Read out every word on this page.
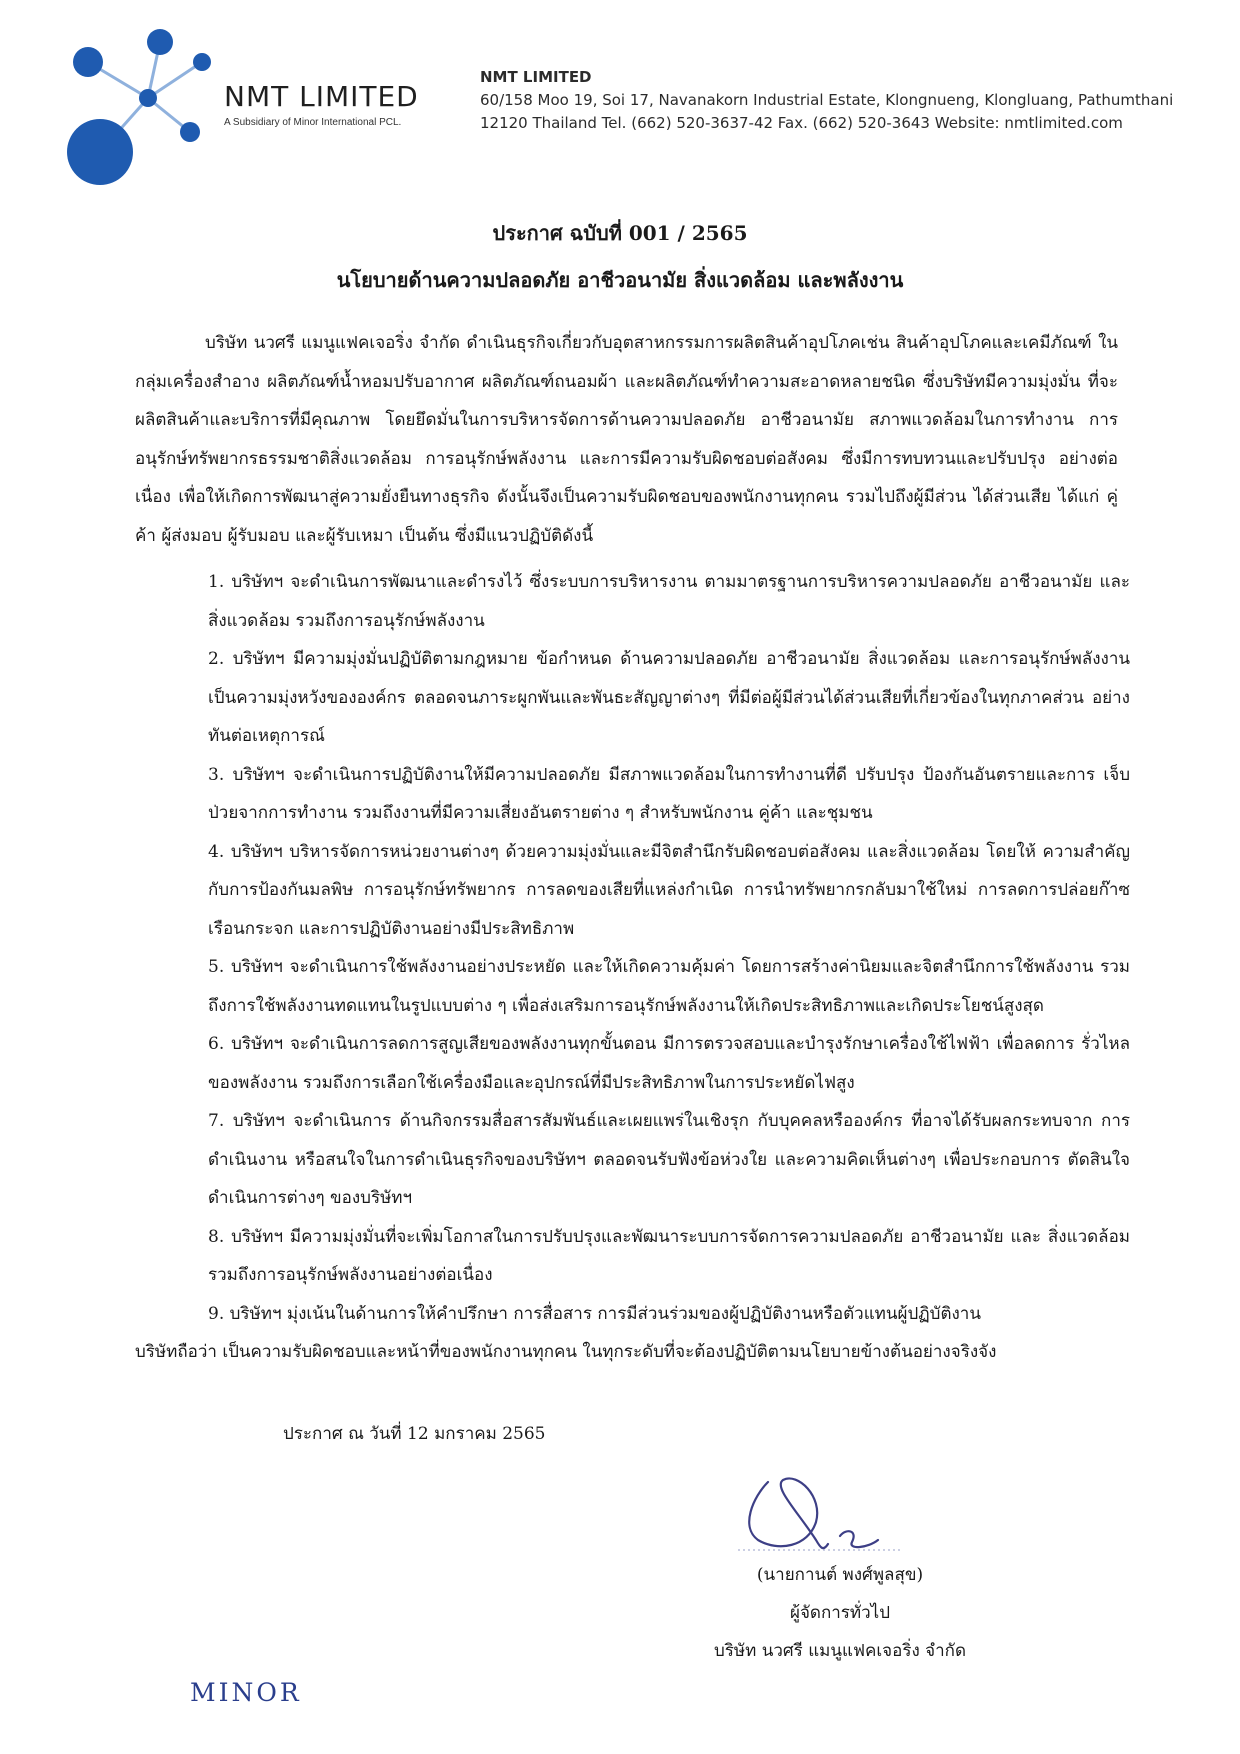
NMT LIMITED
A Subsidiary of Minor International PCL.
NMT LIMITED
60/158 Moo 19, Soi 17, Navanakorn Industrial Estate, Klongnueng, Klongluang, Pathumthani
12120 Thailand Tel. (662) 520-3637-42 Fax. (662) 520-3643 Website: nmtlimited.com
ประกาศ ฉบับที่ 001 / 2565
นโยบายด้านความปลอดภัย อาชีวอนามัย สิ่งแวดล้อม และพลังงาน
บริษัท นวศรี แมนูแฟคเจอริ่ง จำกัด ดำเนินธุรกิจเกี่ยวกับอุตสาหกรรมการผลิตสินค้าอุปโภคเช่น สินค้าอุปโภคและเคมีภัณฑ์ ในกลุ่มเครื่องสำอาง ผลิตภัณฑ์น้ำหอมปรับอากาศ ผลิตภัณฑ์ถนอมผ้า และผลิตภัณฑ์ทำความสะอาดหลายชนิด ซึ่งบริษัทมีความมุ่งมั่น ที่จะผลิตสินค้าและบริการที่มีคุณภาพ โดยยึดมั่นในการบริหารจัดการด้านความปลอดภัย อาชีวอนามัย สภาพแวดล้อมในการทำงาน การอนุรักษ์ทรัพยากรธรรมชาติสิ่งแวดล้อม การอนุรักษ์พลังงาน และการมีความรับผิดชอบต่อสังคม ซึ่งมีการทบทวนและปรับปรุง อย่างต่อเนื่อง เพื่อให้เกิดการพัฒนาสู่ความยั่งยืนทางธุรกิจ ดังนั้นจึงเป็นความรับผิดชอบของพนักงานทุกคน รวมไปถึงผู้มีส่วน ได้ส่วนเสีย ได้แก่ คู่ค้า ผู้ส่งมอบ ผู้รับมอบ และผู้รับเหมา เป็นต้น ซึ่งมีแนวปฏิบัติดังนี้
1. บริษัทฯ จะดำเนินการพัฒนาและดำรงไว้ ซึ่งระบบการบริหารงาน ตามมาตรฐานการบริหารความปลอดภัย อาชีวอนามัย และ สิ่งแวดล้อม รวมถึงการอนุรักษ์พลังงาน
2. บริษัทฯ มีความมุ่งมั่นปฏิบัติตามกฎหมาย ข้อกำหนด ด้านความปลอดภัย อาชีวอนามัย สิ่งแวดล้อม และการอนุรักษ์พลังงาน เป็นความมุ่งหวังขององค์กร ตลอดจนภาระผูกพันและพันธะสัญญาต่างๆ ที่มีต่อผู้มีส่วนได้ส่วนเสียที่เกี่ยวข้องในทุกภาคส่วน อย่างทันต่อเหตุการณ์
3. บริษัทฯ จะดำเนินการปฏิบัติงานให้มีความปลอดภัย มีสภาพแวดล้อมในการทำงานที่ดี ปรับปรุง ป้องกันอันตรายและการ เจ็บป่วยจากการทำงาน รวมถึงงานที่มีความเสี่ยงอันตรายต่าง ๆ สำหรับพนักงาน คู่ค้า และชุมชน
4. บริษัทฯ บริหารจัดการหน่วยงานต่างๆ ด้วยความมุ่งมั่นและมีจิตสำนึกรับผิดชอบต่อสังคม และสิ่งแวดล้อม โดยให้ ความสำคัญกับการป้องกันมลพิษ การอนุรักษ์ทรัพยากร การลดของเสียที่แหล่งกำเนิด การนำทรัพยากรกลับมาใช้ใหม่ การลดการปล่อยก๊าซเรือนกระจก และการปฏิบัติงานอย่างมีประสิทธิภาพ
5. บริษัทฯ จะดำเนินการใช้พลังงานอย่างประหยัด และให้เกิดความคุ้มค่า โดยการสร้างค่านิยมและจิตสำนึกการใช้พลังงาน รวมถึงการใช้พลังงานทดแทนในรูปแบบต่าง ๆ เพื่อส่งเสริมการอนุรักษ์พลังงานให้เกิดประสิทธิภาพและเกิดประโยชน์สูงสุด
6. บริษัทฯ จะดำเนินการลดการสูญเสียของพลังงานทุกขั้นตอน มีการตรวจสอบและบำรุงรักษาเครื่องใช้ไฟฟ้า เพื่อลดการ รั่วไหลของพลังงาน รวมถึงการเลือกใช้เครื่องมือและอุปกรณ์ที่มีประสิทธิภาพในการประหยัดไฟสูง
7. บริษัทฯ จะดำเนินการ ด้านกิจกรรมสื่อสารสัมพันธ์และเผยแพร่ในเชิงรุก กับบุคคลหรือองค์กร ที่อาจได้รับผลกระทบจาก การดำเนินงาน หรือสนใจในการดำเนินธุรกิจของบริษัทฯ ตลอดจนรับฟังข้อห่วงใย และความคิดเห็นต่างๆ เพื่อประกอบการ ตัดสินใจ ดำเนินการต่างๆ ของบริษัทฯ
8. บริษัทฯ มีความมุ่งมั่นที่จะเพิ่มโอกาสในการปรับปรุงและพัฒนาระบบการจัดการความปลอดภัย อาชีวอนามัย และ สิ่งแวดล้อม รวมถึงการอนุรักษ์พลังงานอย่างต่อเนื่อง
9. บริษัทฯ มุ่งเน้นในด้านการให้คำปรึกษา การสื่อสาร การมีส่วนร่วมของผู้ปฏิบัติงานหรือตัวแทนผู้ปฏิบัติงาน
บริษัทถือว่า เป็นความรับผิดชอบและหน้าที่ของพนักงานทุกคน ในทุกระดับที่จะต้องปฏิบัติตามนโยบายข้างต้นอย่างจริงจัง
ประกาศ ณ วันที่ 12 มกราคม 2565
(นายกานต์ พงศ์พูลสุข)
ผู้จัดการทั่วไป
บริษัท นวศรี แมนูแฟคเจอริ่ง จำกัด
MINOR
